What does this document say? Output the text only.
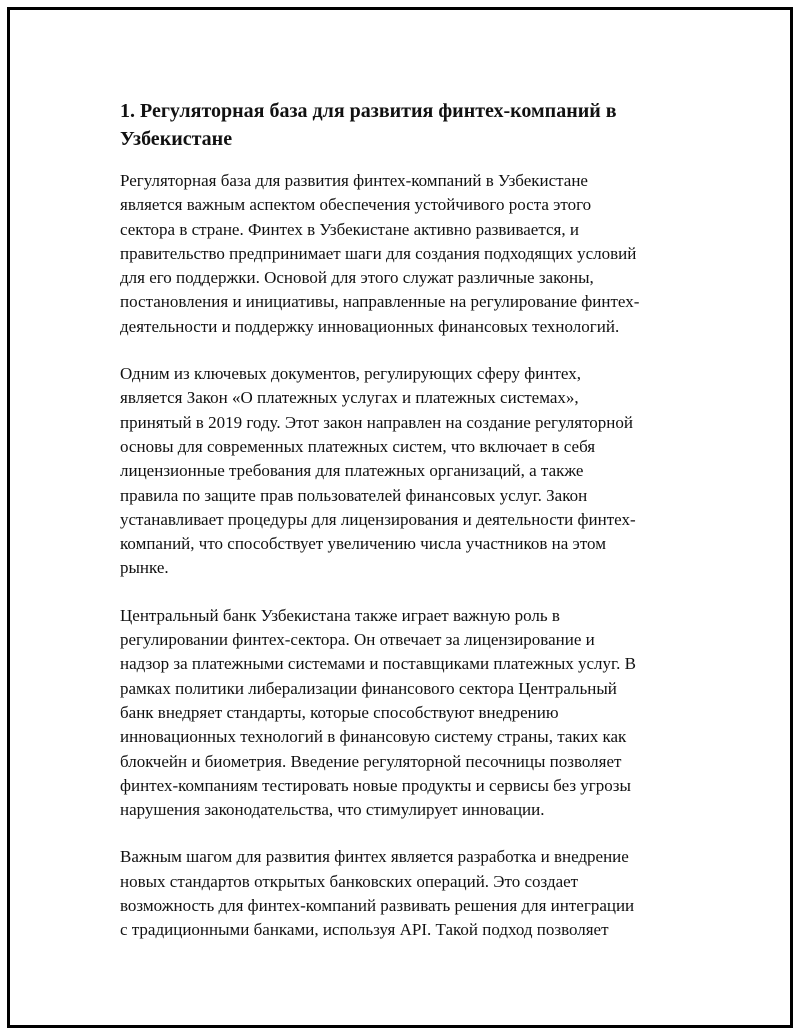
1. Регуляторная база для развития финтех-компаний в
Узбекистане

Регуляторная база для развития финтех-компаний в Узбекистане
является важным аспектом обеспечения устойчивого роста этого
сектора в стране. Финтех в Узбекистане активно развивается, и
правительство предпринимает шаги для создания подходящих условий
для его поддержки. Основой для этого служат различные законы,
постановления и инициативы, направленные на регулирование финтех-
деятельности и поддержку инновационных финансовых технологий.

Одним из ключевых документов, регулирующих сферу финтех,
является Закон «О платежных услугах и платежных системах»,
принятый в 2019 году. Этот закон направлен на создание регуляторной
основы для современных платежных систем, что включает в себя
лицензионные требования для платежных организаций, а также
правила по защите прав пользователей финансовых услуг. Закон
устанавливает процедуры для лицензирования и деятельности финтех-
компаний, что способствует увеличению числа участников на этом
рынке.

Центральный банк Узбекистана также играет важную роль в
регулировании финтех-сектора. Он отвечает за лицензирование и
надзор за платежными системами и поставщиками платежных услуг. В
рамках политики либерализации финансового сектора Центральный
банк внедряет стандарты, которые способствуют внедрению
инновационных технологий в финансовую систему страны, таких как
блокчейн и биометрия. Введение регуляторной песочницы позволяет
финтех-компаниям тестировать новые продукты и сервисы без угрозы
нарушения законодательства, что стимулирует инновации.

Важным шагом для развития финтех является разработка и внедрение
новых стандартов открытых банковских операций. Это создает
возможность для финтех-компаний развивать решения для интеграции
с традиционными банками, используя API. Такой подход позволяет
